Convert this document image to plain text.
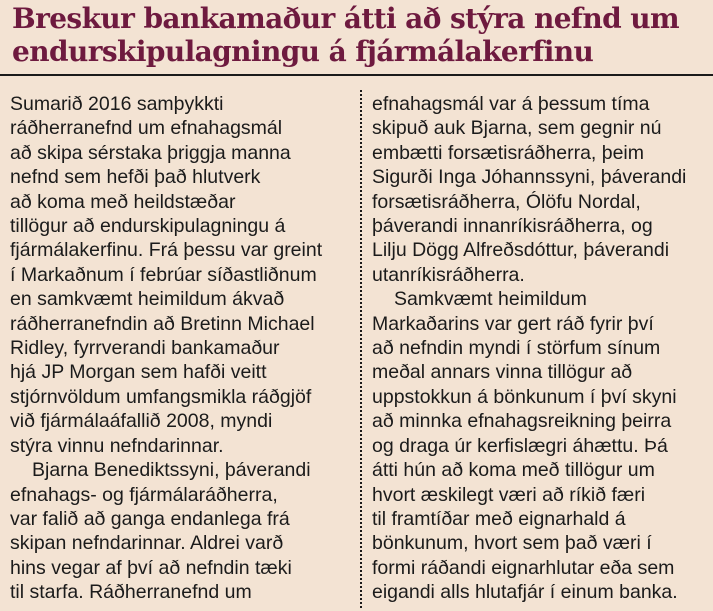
Breskur bankamaður átti að stýra nefnd um
endurskipulagningu á fjármálakerfinu
Sumarið 2016 samþykkti
ráðherranefnd um efnahagsmál
að skipa sérstaka þriggja manna
nefnd sem hefði það hlutverk
að koma með heildstæðar
tillögur að endurskipulagningu á
fjármálakerfinu. Frá þessu var greint
í Markaðnum í febrúar síðastliðnum
en samkvæmt heimildum ákvað
ráðherranefndin að Bretinn Michael
Ridley, fyrrverandi bankamaður
hjá JP Morgan sem hafði veitt
stjórnvöldum umfangsmikla ráðgjöf
við fjármálaáfallið 2008, myndi
stýra vinnu nefndarinnar.
Bjarna Benediktssyni, þáverandi
efnahags- og fjármálaráðherra,
var falið að ganga endanlega frá
skipan nefndarinnar. Aldrei varð
hins vegar af því að nefndin tæki
til starfa. Ráðherranefnd um
efnahagsmál var á þessum tíma
skipuð auk Bjarna, sem gegnir nú
embætti forsætisráðherra, þeim
Sigurði Inga Jóhannssyni, þáverandi
forsætisráðherra, Ólöfu Nordal,
þáverandi innanríkisráðherra, og
Lilju Dögg Alfreðsdóttur, þáverandi
utanríkisráðherra.
Samkvæmt heimildum
Markaðarins var gert ráð fyrir því
að nefndin myndi í störfum sínum
meðal annars vinna tillögur að
uppstokkun á bönkunum í því skyni
að minnka efnahagsreikning þeirra
og draga úr kerfislægri áhættu. Þá
átti hún að koma með tillögur um
hvort æskilegt væri að ríkið færi
til framtíðar með eignarhald á
bönkunum, hvort sem það væri í
formi ráðandi eignarhlutar eða sem
eigandi alls hlutafjár í einum banka.
